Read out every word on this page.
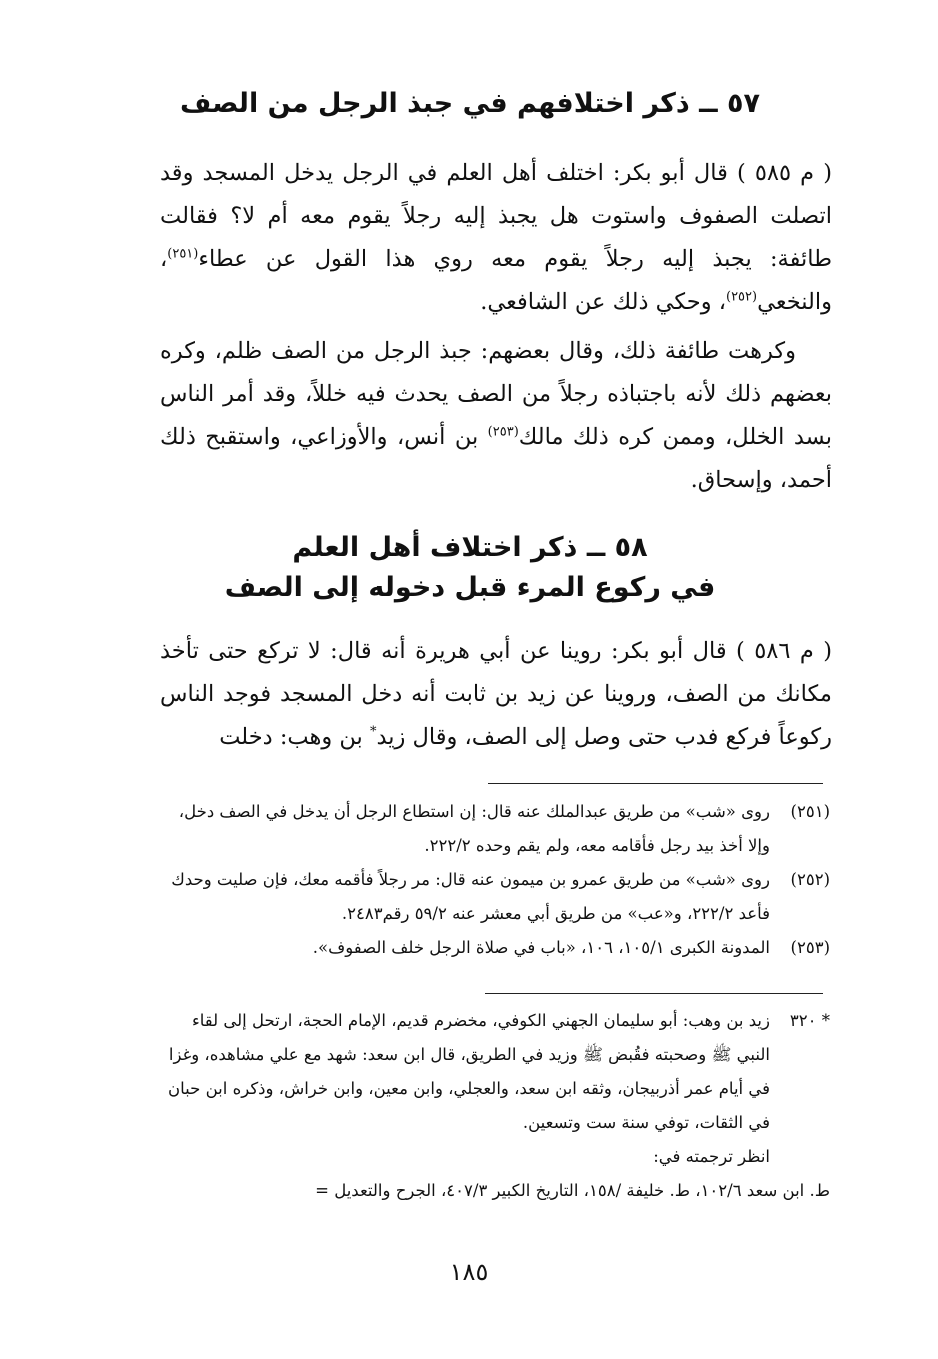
٥٧ ــ ذكر اختلافهم في جبذ الرجل من الصف

( م ٥٨٥ ) قال أبو بكر: اختلف أهل العلم في الرجل يدخل المسجد وقد اتصلت الصفوف واستوت هل يجبذ إليه رجلاً يقوم معه أم لا؟ فقالت طائفة: يجبذ إليه رجلاً يقوم معه روي هذا القول عن عطاء$^{(٢٥١)}$، والنخعي$^{(٢٥٢)}$، وحكي ذلك عن الشافعي.

وكرهت طائفة ذلك، وقال بعضهم: جبذ الرجل من الصف ظلم، وكره بعضهم ذلك لأنه باجتباذه رجلاً من الصف يحدث فيه خللاً، وقد أمر الناس بسد الخلل، وممن كره ذلك مالك$^{(٢٥٣)}$ بن أنس، والأوزاعي، واستقبح ذلك أحمد، وإسحاق.

٥٨ ــ ذكر اختلاف أهل العلم
في ركوع المرء قبل دخوله إلى الصف

( م ٥٨٦ ) قال أبو بكر: روينا عن أبي هريرة أنه قال: لا تركع حتى تأخذ مكانك من الصف، وروينا عن زيد بن ثابت أنه دخل المسجد فوجد الناس ركوعاً فركع فدب حتى وصل إلى الصف، وقال زيد* بن وهب: دخلت

(٢٥١)
روى «شب» من طريق عبدالملك عنه قال: إن استطاع الرجل أن يدخل في الصف دخل، وإلا أخذ بيد رجل فأقامه معه، ولم يقم وحده ٢٢٢/٢.

(٢٥٢)
روى «شب» من طريق عمرو بن ميمون عنه قال: مر رجلاً فأقمه معك، فإن صليت وحدك فأعد ٢٢٢/٢، و«عب» من طريق أبي معشر عنه ٥٩/٢ رقم٢٤٨٣.

(٢٥٣)
المدونة الكبرى ١٠٥/١، ١٠٦، «باب في صلاة الرجل خلف الصفوف».

* ٣٢٠
زيد بن وهب: أبو سليمان الجهني الكوفي، مخضرم قديم، الإمام الحجة، ارتحل إلى لقاء النبي ﷺ وصحبته فقُبض ﷺ وزيد في الطريق، قال ابن سعد: شهد مع علي مشاهده، وغزا في أيام عمر أذربيجان، وثقه ابن سعد، والعجلي، وابن معين، وابن خراش، وذكره ابن حبان في الثقات، توفي سنة ست وتسعين.

انظر ترجمته في:

ط. ابن سعد ١٠٢/٦، ط. خليفة /١٥٨، التاريخ الكبير ٤٠٧/٣، الجرح والتعديل =

١٨٥
